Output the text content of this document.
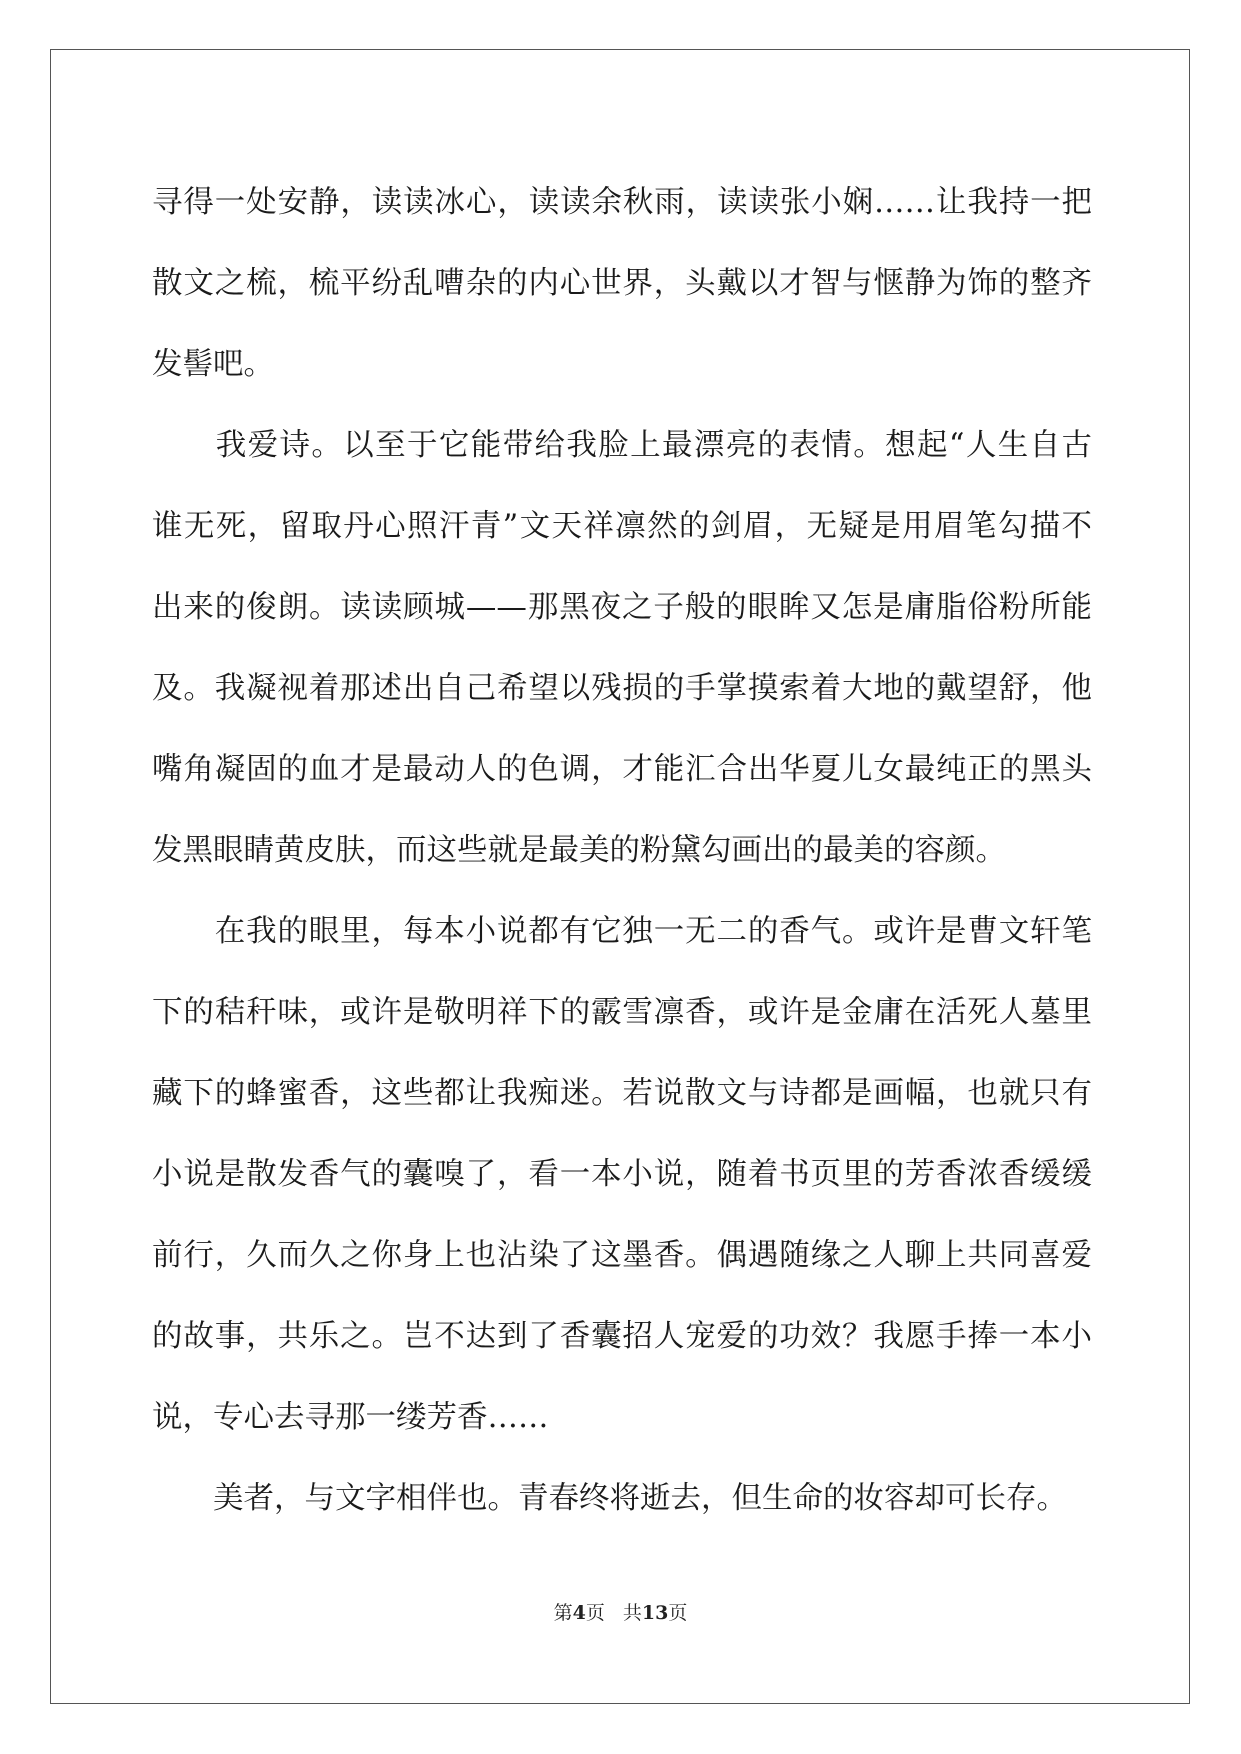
寻得一处安静，读读冰心，读读余秋雨，读读张小娴……让我持一把
散文之梳，梳平纷乱嘈杂的内心世界，头戴以才智与惬静为饰的整齐
发髻吧。
　　我爱诗。以至于它能带给我脸上最漂亮的表情。想起“人生自古
谁无死，留取丹心照汗青”文天祥凛然的剑眉，无疑是用眉笔勾描不
出来的俊朗。读读顾城——那黑夜之子般的眼眸又怎是庸脂俗粉所能
及。我凝视着那述出自己希望以残损的手掌摸索着大地的戴望舒，他
嘴角凝固的血才是最动人的色调，才能汇合出华夏儿女最纯正的黑头
发黑眼睛黄皮肤，而这些就是最美的粉黛勾画出的最美的容颜。
　　在我的眼里，每本小说都有它独一无二的香气。或许是曹文轩笔
下的秸秆味，或许是敬明祥下的霰雪凛香，或许是金庸在活死人墓里
藏下的蜂蜜香，这些都让我痴迷。若说散文与诗都是画幅，也就只有
小说是散发香气的囊嗅了，看一本小说，随着书页里的芳香浓香缓缓
前行，久而久之你身上也沾染了这墨香。偶遇随缘之人聊上共同喜爱
的故事，共乐之。岂不达到了香囊招人宠爱的功效？我愿手捧一本小
说，专心去寻那一缕芳香……
　　美者，与文字相伴也。青春终将逝去，但生命的妆容却可长存。
第4页 共13页
